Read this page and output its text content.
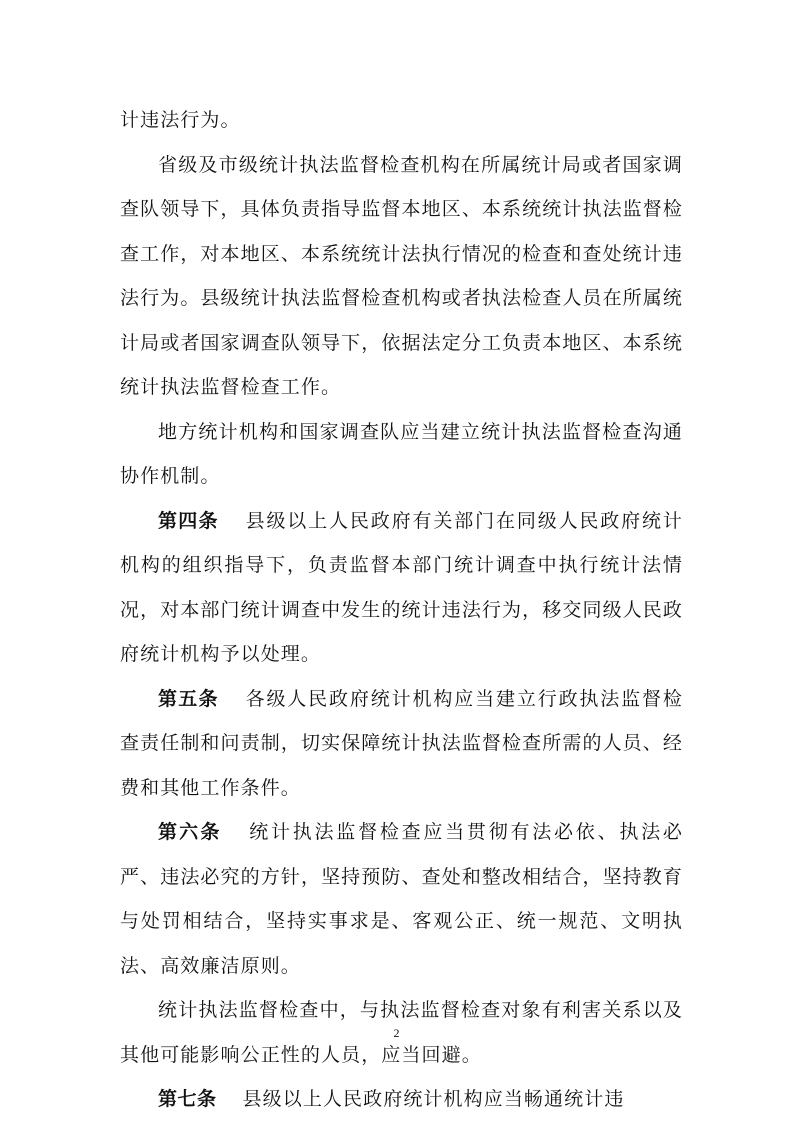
计违法行为。

省级及市级统计执法监督检查机构在所属统计局或者国家调查队领导下，具体负责指导监督本地区、本系统统计执法监督检查工作，对本地区、本系统统计法执行情况的检查和查处统计违法行为。县级统计执法监督检查机构或者执法检查人员在所属统计局或者国家调查队领导下，依据法定分工负责本地区、本系统统计执法监督检查工作。

地方统计机构和国家调查队应当建立统计执法监督检查沟通协作机制。

第四条 县级以上人民政府有关部门在同级人民政府统计机构的组织指导下，负责监督本部门统计调查中执行统计法情况，对本部门统计调查中发生的统计违法行为，移交同级人民政府统计机构予以处理。

第五条 各级人民政府统计机构应当建立行政执法监督检查责任制和问责制，切实保障统计执法监督检查所需的人员、经费和其他工作条件。

第六条 统计执法监督检查应当贯彻有法必依、执法必严、违法必究的方针，坚持预防、查处和整改相结合，坚持教育与处罚相结合，坚持实事求是、客观公正、统一规范、文明执法、高效廉洁原则。

统计执法监督检查中，与执法监督检查对象有利害关系以及其他可能影响公正性的人员，应当回避。

第七条 县级以上人民政府统计机构应当畅通统计违

2
